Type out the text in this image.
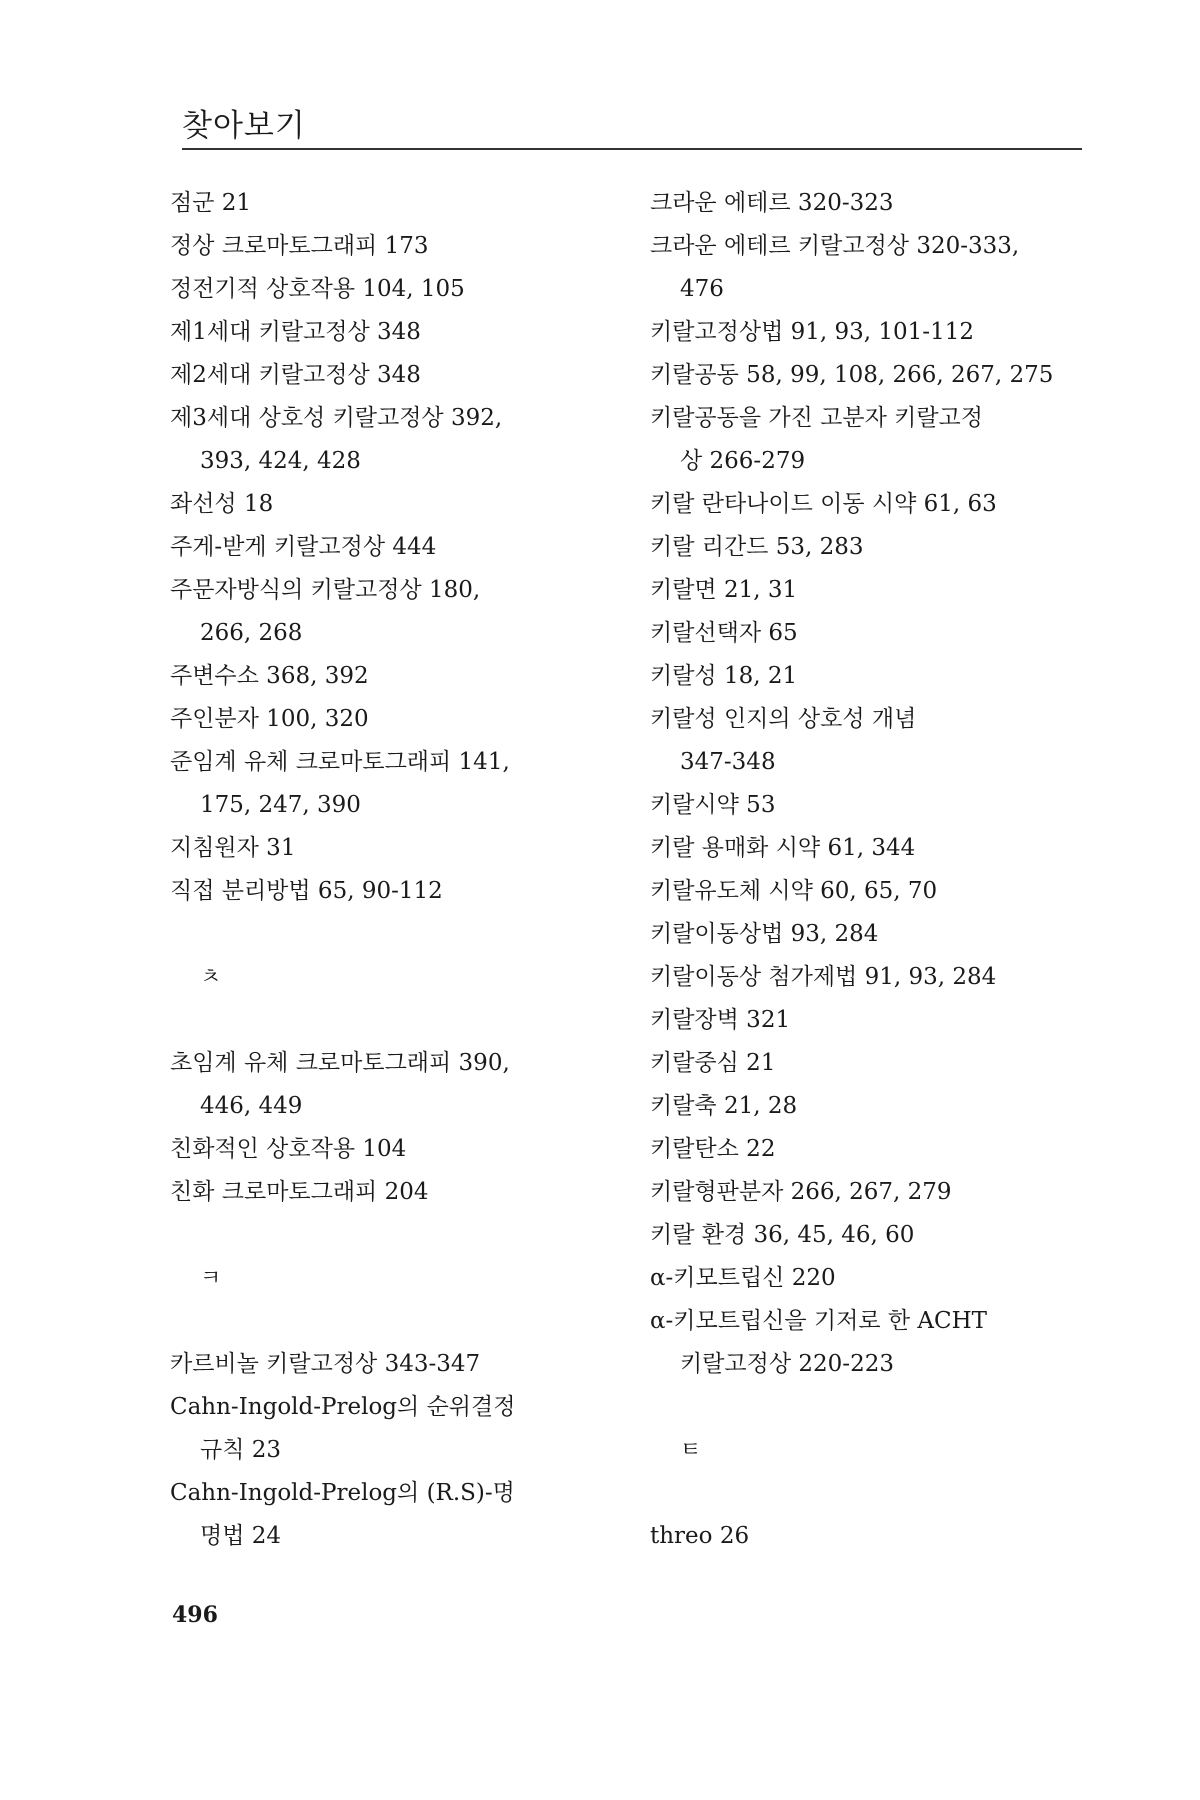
찾아보기
점군 21
정상 크로마토그래피 173
정전기적 상호작용 104, 105
제1세대 키랄고정상 348
제2세대 키랄고정상 348
제3세대 상호성 키랄고정상 392,
393, 424, 428
좌선성 18
주게-받게 키랄고정상 444
주문자방식의 키랄고정상 180,
266, 268
주변수소 368, 392
주인분자 100, 320
준임계 유체 크로마토그래피 141,
175, 247, 390
지침원자 31
직접 분리방법 65, 90-112
ㅊ
초임계 유체 크로마토그래피 390,
446, 449
친화적인 상호작용 104
친화 크로마토그래피 204
ㅋ
카르비놀 키랄고정상 343-347
Cahn-Ingold-Prelog의 순위결정
규칙 23
Cahn-Ingold-Prelog의 (R.S)-명
명법 24
크라운 에테르 320-323
크라운 에테르 키랄고정상 320-333,
476
키랄고정상법 91, 93, 101-112
키랄공동 58, 99, 108, 266, 267, 275
키랄공동을 가진 고분자 키랄고정
상 266-279
키랄 란타나이드 이동 시약 61, 63
키랄 리간드 53, 283
키랄면 21, 31
키랄선택자 65
키랄성 18, 21
키랄성 인지의 상호성 개념
347-348
키랄시약 53
키랄 용매화 시약 61, 344
키랄유도체 시약 60, 65, 70
키랄이동상법 93, 284
키랄이동상 첨가제법 91, 93, 284
키랄장벽 321
키랄중심 21
키랄축 21, 28
키랄탄소 22
키랄형판분자 266, 267, 279
키랄 환경 36, 45, 46, 60
α-키모트립신 220
α-키모트립신을 기저로 한 ACHT
키랄고정상 220-223
ㅌ
threo 26
496
